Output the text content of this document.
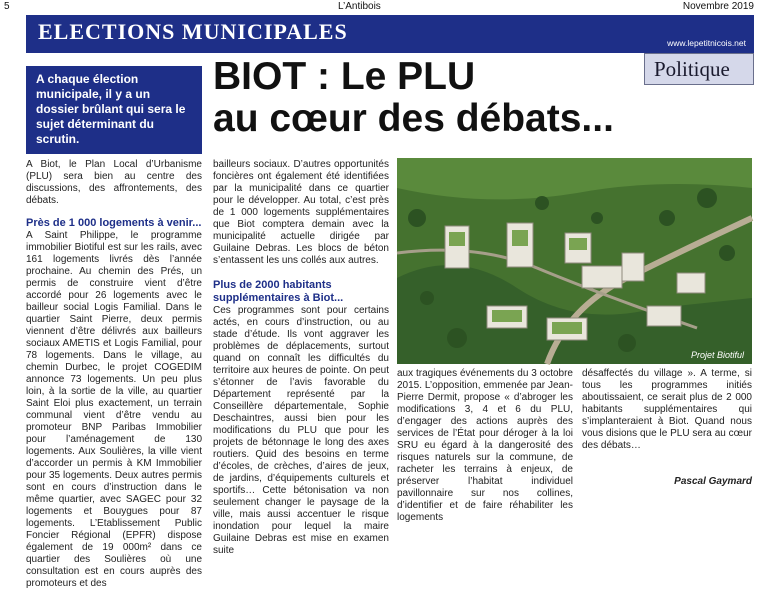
5	L’Antibois	Novembre 2019
ELECTIONS MUNICIPALES	www.lepetitnicois.net
Politique
A chaque élection municipale, il y a un dossier brûlant qui sera le sujet déterminant du scrutin.
BIOT : Le PLU
au cœur des débats...

A Biot, le Plan Local d’Urbanisme (PLU) sera bien au centre des discussions, des affrontements, des débats.

Près de 1 000 logements à venir...

A Saint Philippe, le programme immobilier Biotiful est sur les rails, avec 161 logements livrés dès l’année prochaine. Au chemin des Prés, un permis de construire vient d’être accordé pour 26 logements avec le bailleur social Logis Familial. Dans le quartier Saint Pierre, deux permis viennent d’être délivrés aux bailleurs sociaux AMETIS et Logis Familial, pour 78 logements. Dans le village, au chemin Durbec, le projet COGEDIM annonce 73 logements. Un peu plus loin, à la sortie de la ville, au quartier Saint Eloi plus exactement, un terrain communal vient d’être vendu au promoteur BNP Paribas Immobilier pour l’aménagement de 130 logements. Aux Soulières, la ville vient d’accorder un permis à KM Immobilier pour 35 logements. Deux autres permis sont en cours d’instruction dans le même quartier, avec SAGEC pour 32 logements et Bouygues pour 87 logements. L’Etablissement Public Foncier Régional (EPFR) dispose également de 19 000m² dans ce quartier des Soulières où une consultation est en cours auprès des promoteurs et des

bailleurs sociaux. D’autres opportunités foncières ont également été identifiées par la municipalité dans ce quartier pour le développer. Au total, c’est près de 1 000 logements supplémentaires que Biot comptera demain avec la municipalité actuelle dirigée par Guilaine Debras. Les blocs de béton s’entassent les uns collés aux autres.

Plus de 2000 habitants supplémentaires à Biot...

Ces programmes sont pour certains actés, en cours d’instruction, ou au stade d’étude. Ils vont aggraver les problèmes de déplacements, surtout quand on connaît les difficultés du territoire aux heures de pointe. On peut s’étonner de l’avis favorable du Département représenté par la Conseillère départementale, Sophie Deschaintres, aussi bien pour les modifications du PLU que pour les projets de bétonnage le long des axes routiers. Quid des besoins en terme d’écoles, de crèches, d’aires de jeux, de jardins, d’équipements culturels et sportifs… Cette bétonisation va non seulement changer le paysage de la ville, mais aussi accentuer le risque inondation pour lequel la maire Guilaine Debras est mise en examen suite

Projet Biotiful

aux tragiques événements du 3 octobre 2015. L’opposition, emmenée par Jean-Pierre Dermit, propose « d’abroger les modifications 3, 4 et 6 du PLU, d’engager des actions auprès des services de l’État pour déroger à la loi SRU eu égard à la dangerosité des risques naturels sur la commune, de racheter les terrains à enjeux, de préserver l’habitat individuel pavillonnaire sur nos collines, d’identifier et de faire réhabiliter les logements

désaffectés du village ». A terme, si tous les programmes initiés aboutissaient, ce serait plus de 2 000 habitants supplémentaires qui s’implanteraient à Biot. Quand nous vous disions que le PLU sera au cœur des débats…

Pascal Gaymard
